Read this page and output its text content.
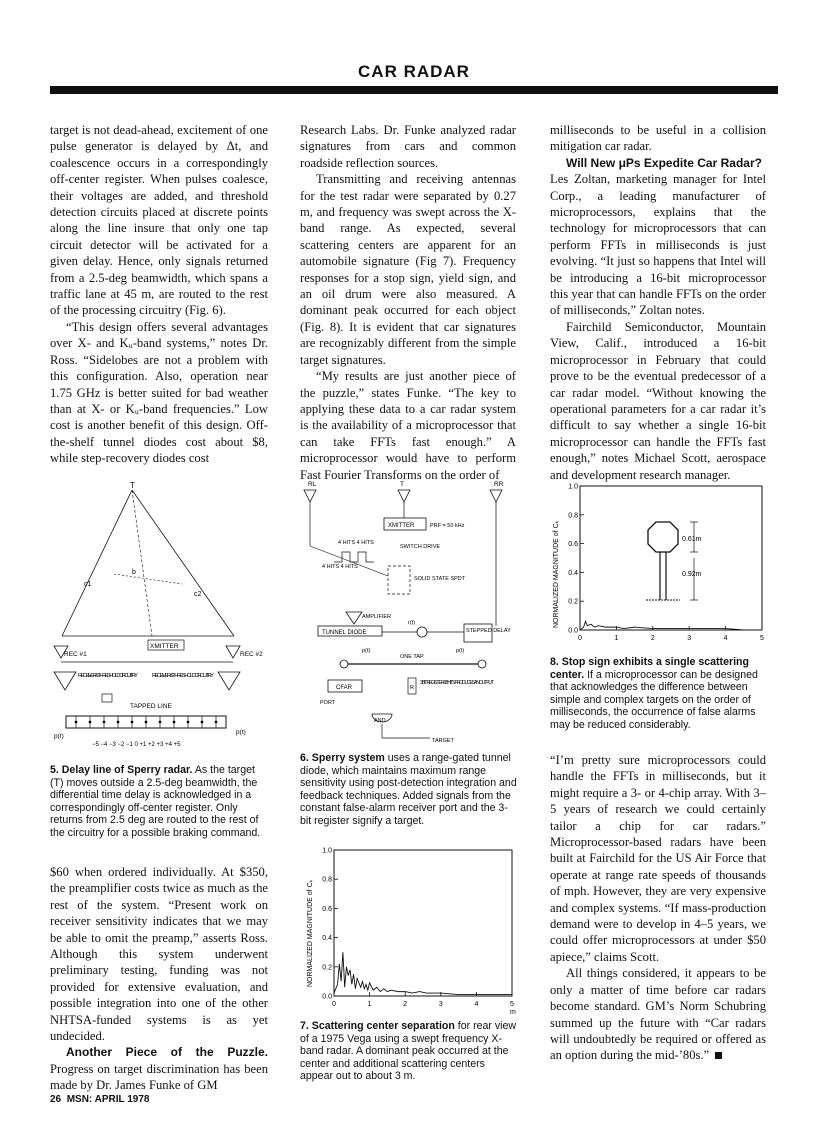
CAR RADAR

target is not dead-ahead, excitement of one pulse generator is delayed by Δt, and coalescence occurs in a correspondingly off-center register. When pulses coalesce, their voltages are added, and threshold detection circuits placed at discrete points along the line insure that only one tap circuit detector will be activated for a given delay. Hence, only signals returned from a 2.5-deg beamwidth, which spans a traffic lane at 45 m, are routed to the rest of the processing circuitry (Fig. 6).

“This design offers several advantages over X- and Kᵤ-band systems,” notes Dr. Ross. “Sidelobes are not a problem with this configuration. Also, operation near 1.75 GHz is better suited for bad weather than at X- or Kᵤ-band frequencies.” Low cost is another benefit of this design. Off-the-shelf tunnel diodes cost about $8, while step-recovery diodes cost

T
c1
c2
b
XMITTER
REC #1	REC #2
RECEIVER & THRESHOLD CIRCUITRY RECEIVER & THRESHOLD CIRCUITRY
TAPPED LINE
p(t)
p(t)
−5 −4 −3 −2 −1 0 +1 +2 +3 +4 +5
5. Delay line of Sperry radar. As the target (T) moves outside a 2.5-deg beamwidth, the differential time delay is acknowledged in a correspondingly off-center register. Only returns from 2.5 deg are routed to the rest of the circuitry for a possible braking command.

$60 when ordered individually. At $350, the preamplifier costs twice as much as the rest of the system. “Present work on receiver sensitivity indicates that we may be able to omit the preamp,” asserts Ross. Although this system underwent preliminary testing, funding was not provided for extensive evaluation, and possible integration into one of the other NHTSA-funded systems is as yet undecided.

Another Piece of the Puzzle. Progress on target discrimination has been made by Dr. James Funke of GM

Research Labs. Dr. Funke analyzed radar signatures from cars and common roadside reflection sources.

Transmitting and receiving antennas for the test radar were separated by 0.27 m, and frequency was swept across the X-band range. As expected, several scattering centers are apparent for an automobile signature (Fig 7). Frequency responses for a stop sign, yield sign, and an oil drum were also measured. A dominant peak occurred for each object (Fig. 8). It is evident that car signatures are recognizably different from the simple target signatures.

“My results are just another piece of the puzzle,” states Funke. “The key to applying these data to a car radar system is the availability of a microprocessor that can take FFTs fast enough.” A microprocessor would have to perform Fast Fourier Transforms on the order of

RL	T	RR
XMITTER	PRF = 50 kHz
4 HITS 4 HITS
SWITCH DRIVE
4 HITS 4 HITS
SOLID STATE SPDT
AMPLIFIER
TUNNEL DIODE
r(t)
STEPPED DELAY
p(t)
ONE TAP
p(t)
CFAR	R
3 BIT REGISTER 6/8 HITS PRODUCES AN OUTPUT
PORT
AND
TARGET
6. Sperry system uses a range-gated tunnel diode, which maintains maximum range sensitivity using post-detection integration and feedback techniques. Added signals from the constant false-alarm receiver port and the 3-bit register signify a target.
NORMALIZED MAGNITUDE of Cₖ
m
0.0
0.2
0.4
0.6
0.8
1.0
0	1	2	3	4	5
7. Scattering center separation for rear view of a 1975 Vega using a swept frequency X-band radar. A dominant peak occurred at the center and additional scattering centers appear out to about 3 m.

milliseconds to be useful in a collision mitigation car radar.

Will New μPs Expedite Car Radar?

Les Zoltan, marketing manager for Intel Corp., a leading manufacturer of microprocessors, explains that the technology for microprocessors that can perform FFTs in milliseconds is just evolving. “It just so happens that Intel will be introducing a 16-bit microprocessor this year that can handle FFTs on the order of milliseconds,” Zoltan notes.

Fairchild Semiconductor, Mountain View, Calif., introduced a 16-bit microprocessor in February that could prove to be the eventual predecessor of a car radar model. “Without knowing the operational parameters for a car radar it’s difficult to say whether a single 16-bit microprocessor can handle the FFTs fast enough,” notes Michael Scott, aerospace and development research manager.

NORMALIZED MAGNITUDE of Cₖ	0.61m
0.92m
0.0
0.2
0.4
0.6
0.8
1.0
0	1	2	3	4	5
8. Stop sign exhibits a single scattering center. If a microprocessor can be designed that acknowledges the difference between simple and complex targets on the order of milliseconds, the occurrence of false alarms may be reduced considerably.

“I’m pretty sure microprocessors could handle the FFTs in milliseconds, but it might require a 3- or 4-chip array. With 3–5 years of research we could certainly tailor a chip for car radars.” Microprocessor-based radars have been built at Fairchild for the US Air Force that operate at range rate speeds of thousands of mph. However, they are very expensive and complex systems. “If mass-production demand were to develop in 4–5 years, we could offer microprocessors at under $50 apiece,” claims Scott.

All things considered, it appears to be only a matter of time before car radars become standard. GM’s Norm Schubring summed up the future with “Car radars will undoubtedly be required or offered as an option during the mid-’80s.”

26 MSN: APRIL 1978
